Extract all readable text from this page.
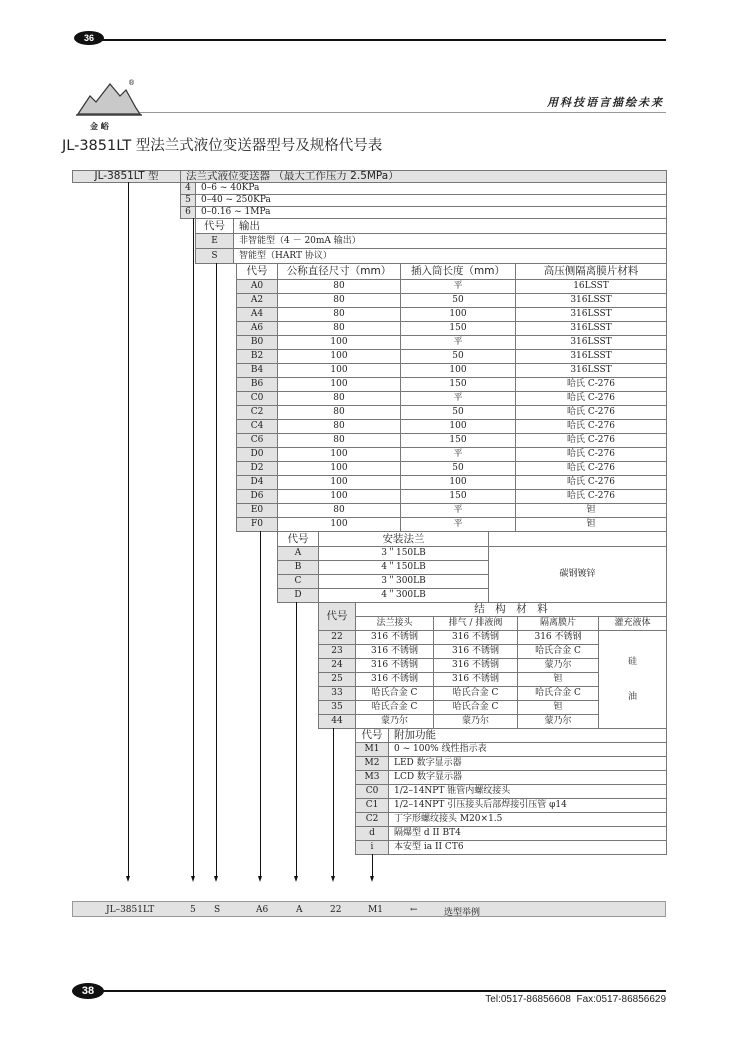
36
®
金 峪
用科技语言描绘未来
JL-3851LT 型法兰式液位变送器型号及规格代号表
JL-3851LT 型	法兰式液位变送器 （最大工作压力 2.5MPa）
4	0–6 ~ 40KPa
5	0–40 ~ 250KPa
6	0–0.16 ~ 1MPa
代号	输出
E	非智能型（4 － 20mA 输出）
S	智能型（HART 协议）
代号	公称直径尺寸（mm）	插入筒长度（mm）	高压侧隔离膜片材料
A0	80	平	16LSST
A2	80	50	316LSST
A4	80	100	316LSST
A6	80	150	316LSST
B0	100	平	316LSST
B2	100	50	316LSST
B4	100	100	316LSST
B6	100	150	哈氏 C-276
C0	80	平	哈氏 C-276
C2	80	50	哈氏 C-276
C4	80	100	哈氏 C-276
C6	80	150	哈氏 C-276
D0	100	平	哈氏 C-276
D2	100	50	哈氏 C-276
D4	100	100	哈氏 C-276
D6	100	150	哈氏 C-276
E0	80	平	钽
F0	100	平	钽
代号	安装法兰
A	3＂150LB
B	4＂150LB
C	3＂300LB
D	4＂300LB
碳钢镀锌
代号
结　构　材　料
法兰接头	排气 / 排液阀	隔离膜片	灌充液体
22	316 不锈钢	316 不锈钢	316 不锈钢
23	316 不锈钢	316 不锈钢	哈氏合金 C
24	316 不锈钢	316 不锈钢	蒙乃尔
25	316 不锈钢	316 不锈钢	钽
33	哈氏合金 C	哈氏合金 C	哈氏合金 C
35	哈氏合金 C	哈氏合金 C	钽
44	蒙乃尔	蒙乃尔	蒙乃尔
硅
油
代号	附加功能
M1	0 ~ 100% 线性指示表
M2	LED 数字显示器
M3	LCD 数字显示器
C0	1/2–14NPT 锥管内螺纹接头
C1	1/2–14NPT 引压接头后部焊接引压管 φ14
C2	丁字形螺纹接头 M20×1.5
d	隔爆型 d II BT4
i	本安型 ia II CT6
JL–3851LT	5 S	A6	A	22	M1	←	选型举例
38
Tel:0517-86856608  Fax:0517-86856629
